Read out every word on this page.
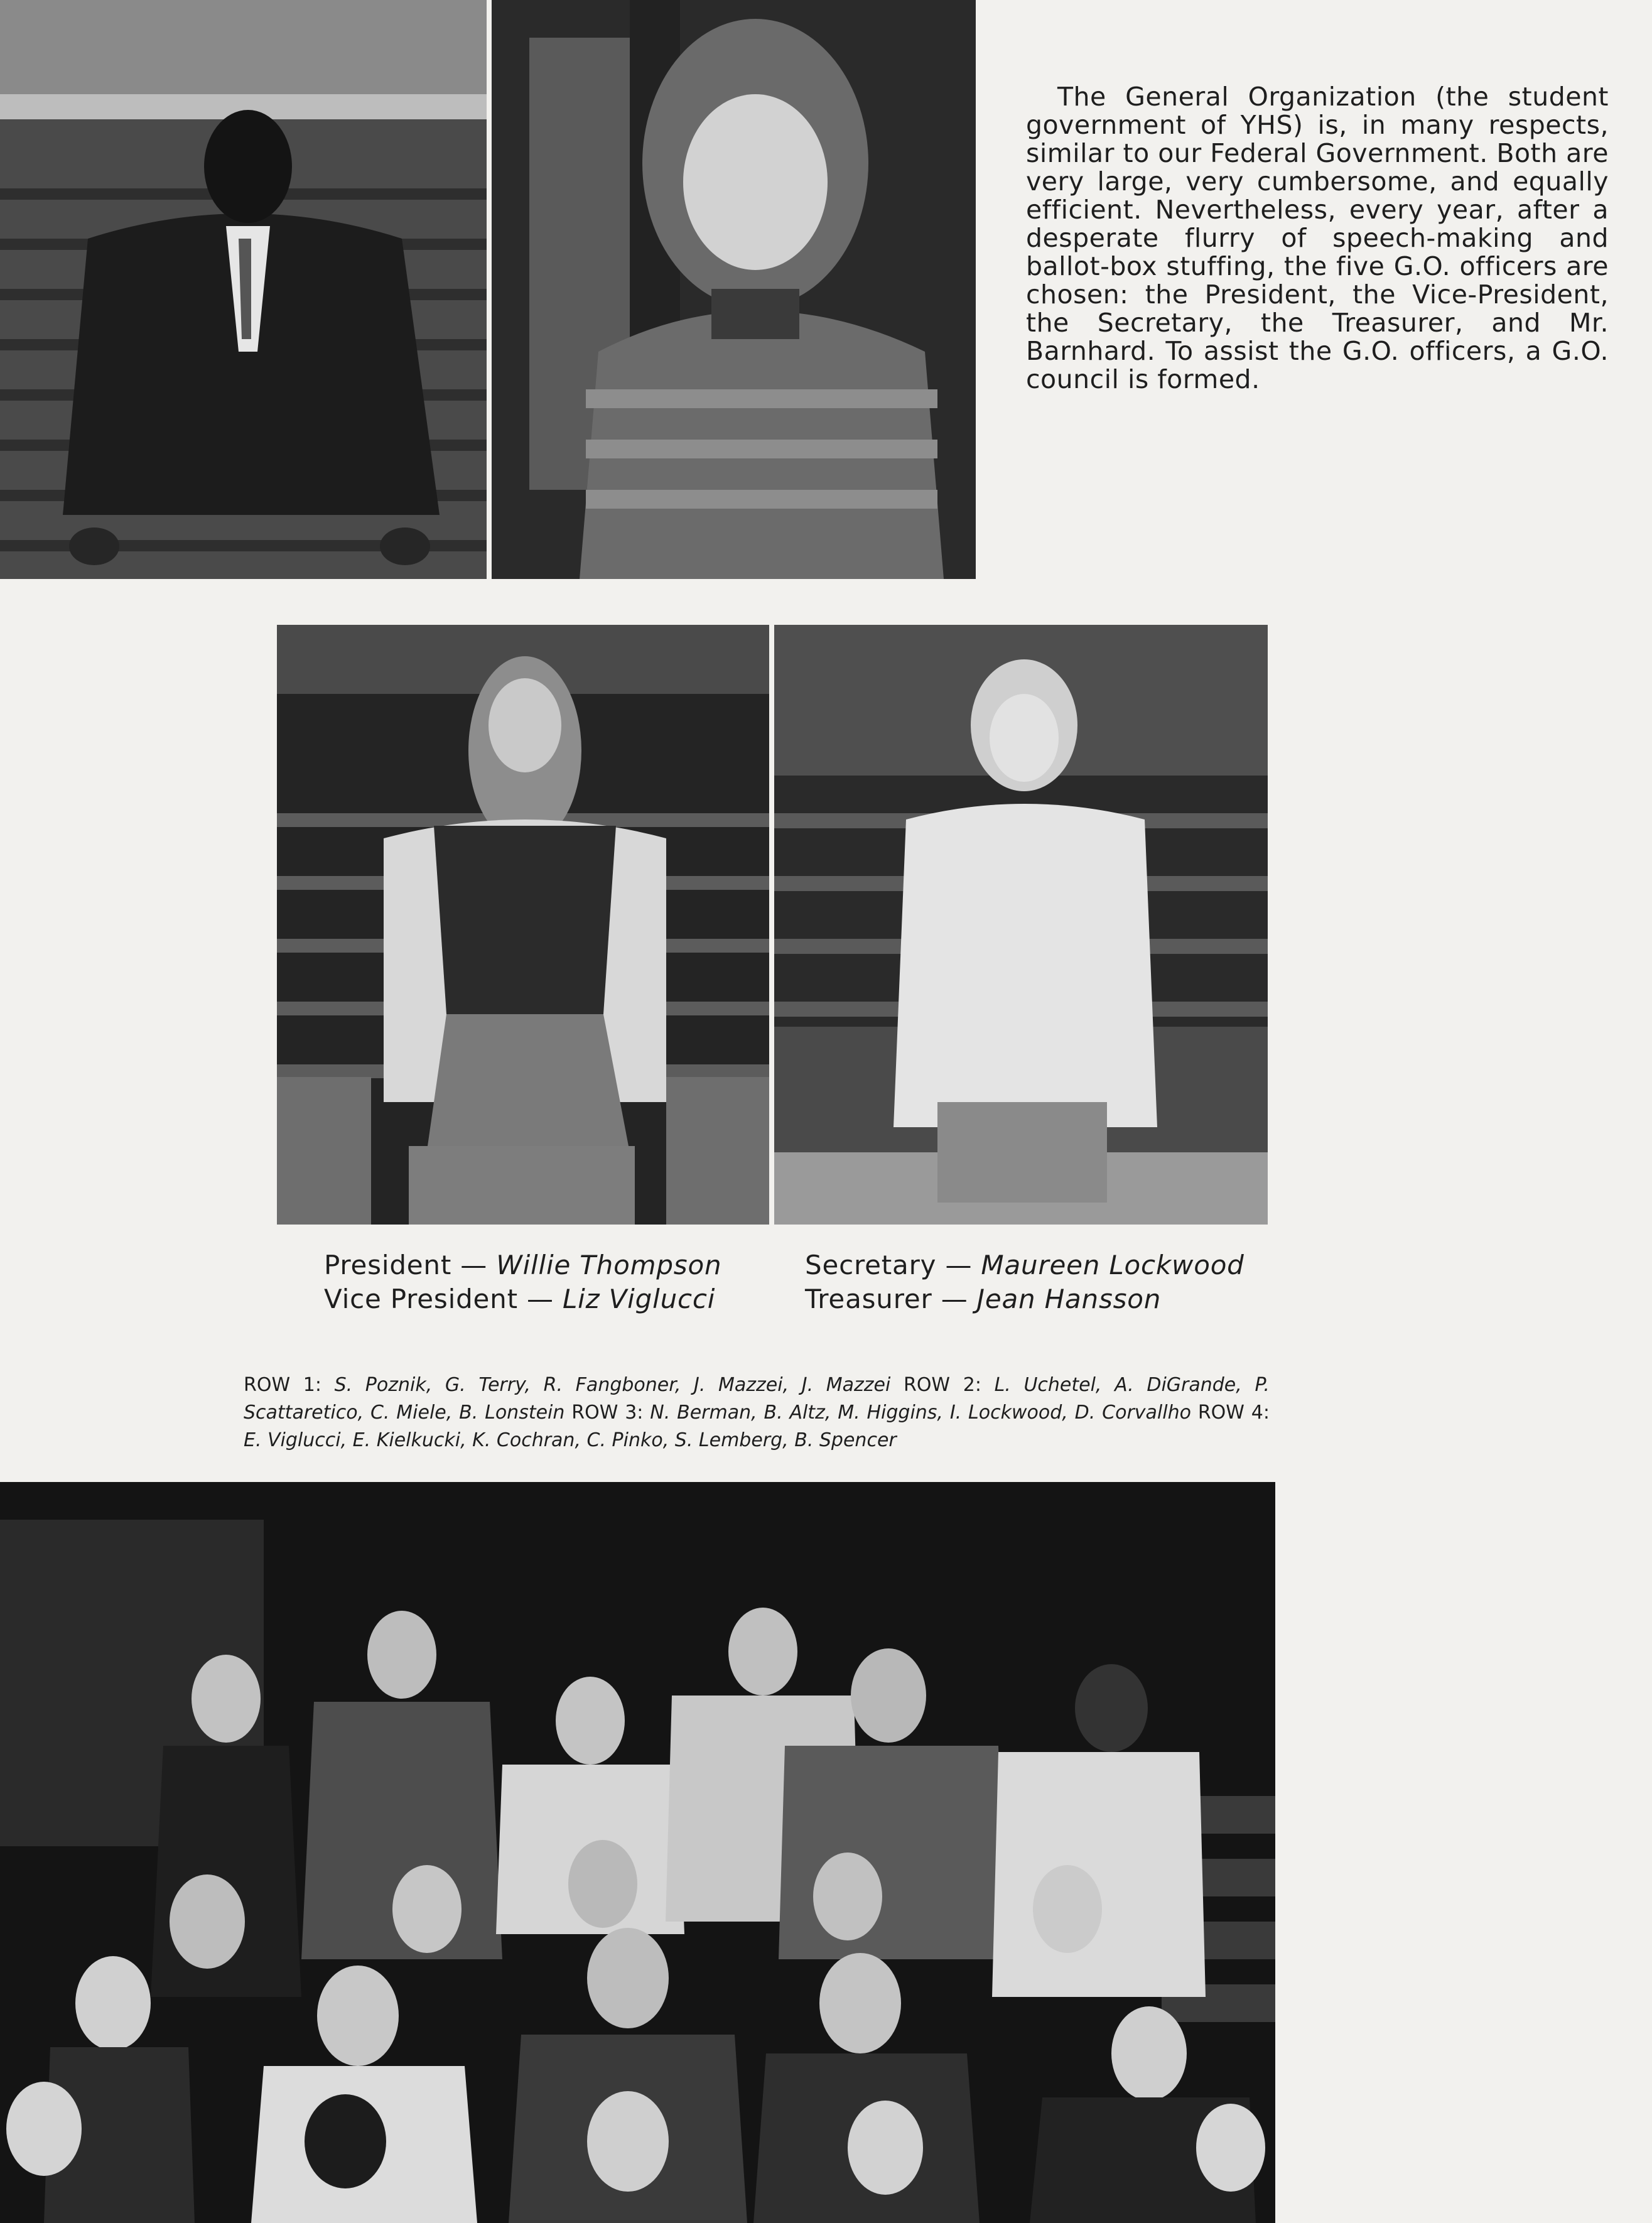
The General Organization (the student government of YHS) is, in many respects, similar to our Federal Government. Both are very large, very cumbersome, and equally efficient. Nevertheless, every year, after a desperate flurry of speech-making and ballot-box stuffing, the five G.O. officers are chosen: the President, the Vice-President, the Secretary, the Treasurer, and Mr. Barnhard. To assist the G.O. officers, a G.O. council is formed.

President — Willie Thompson
Vice President — Liz Viglucci
Secretary — Maureen Lockwood
Treasurer — Jean Hansson

ROW 1: S. Poznik, G. Terry, R. Fangboner, J. Mazzei, J. Mazzei ROW 2: L. Uchetel, A. DiGrande, P. Scattaretico, C. Miele, B. Lonstein ROW 3: N. Berman, B. Altz, M. Higgins, I. Lockwood, D. Corvallho ROW 4: E. Viglucci, E. Kielkucki, K. Cochran, C. Pinko, S. Lemberg, B. Spencer
